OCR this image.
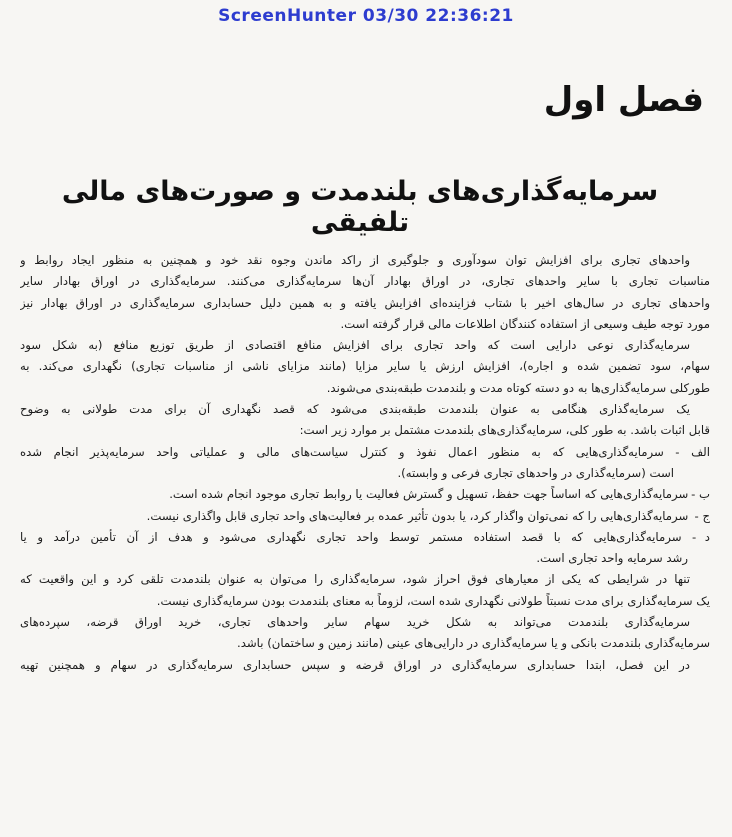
ScreenHunter 03/30 22:36:21
فصل اول
سرمایه‌گذاری‌های بلندمدت و صورت‌های مالی تلفیقی
واحدهای تجاری برای افزایش توان سودآوری و جلوگیری از راکد ماندن وجوه نقد خود و همچنین به منظور ایجاد روابط و
مناسبات تجاری با سایر واحدهای تجاری، در اوراق بهادار آن‌ها سرمایه‌گذاری می‌کنند. سرمایه‌گذاری در اوراق بهادار سایر
واحدهای تجاری در سال‌های اخیر با شتاب فزاینده‌ای افزایش یافته و به همین دلیل حسابداری سرمایه‌گذاری در اوراق بهادار نیز
مورد توجه طیف وسیعی از استفاده کنندگان اطلاعات مالی قرار گرفته است.
سرمایه‌گذاری نوعی دارایی است که واحد تجاری برای افزایش منافع اقتصادی از طریق توزیع منافع (به شکل سود
سهام، سود تضمین شده و اجاره)، افزایش ارزش یا سایر مزایا (مانند مزایای ناشی از مناسبات تجاری) نگهداری می‌کند. به
طورکلی سرمایه‌گذاری‌ها به دو دسته کوتاه مدت و بلندمدت طبقه‌بندی می‌شوند.
یک سرمایه‌گذاری هنگامی به عنوان بلندمدت طبقه‌بندی می‌شود که قصد نگهداری آن برای مدت طولانی به وضوح
قابل اثبات باشد. به طور کلی، سرمایه‌گذاری‌های بلندمدت مشتمل بر موارد زیر است:
الف - سرمایه‌گذاری‌هایی که به منظور اعمال نفوذ و کنترل سیاست‌های مالی و عملیاتی واحد سرمایه‌پذیر انجام شده
است (سرمایه‌گذاری در واحدهای تجاری فرعی و وابسته).
ب - سرمایه‌گذاری‌هایی که اساساً جهت حفظ، تسهیل و گسترش فعالیت یا روابط تجاری موجود انجام شده است.
ج - سرمایه‌گذاری‌هایی را که نمی‌توان واگذار کرد، یا بدون تأثیر عمده بر فعالیت‌های واحد تجاری قابل واگذاری نیست.
د - سرمایه‌گذاری‌هایی که با قصد استفاده مستمر توسط واحد تجاری نگهداری می‌شود و هدف از آن تأمین درآمد و یا
رشد سرمایه واحد تجاری است.
تنها در شرایطی که یکی از معیارهای فوق احراز شود، سرمایه‌گذاری را می‌توان به عنوان بلندمدت تلقی کرد و این واقعیت که
یک سرمایه‌گذاری برای مدت نسبتاً طولانی نگهداری شده است، لزوماً به معنای بلندمدت بودن سرمایه‌گذاری نیست.
سرمایه‌گذاری بلندمدت می‌تواند به شکل خرید سهام سایر واحدهای تجاری، خرید اوراق قرضه، سپرده‌های
سرمایه‌گذاری بلندمدت بانکی و یا سرمایه‌گذاری در دارایی‌های عینی (مانند زمین و ساختمان) باشد.
در این فصل، ابتدا حسابداری سرمایه‌گذاری در اوراق قرضه و سپس حسابداری سرمایه‌گذاری در سهام و همچنین تهیه
